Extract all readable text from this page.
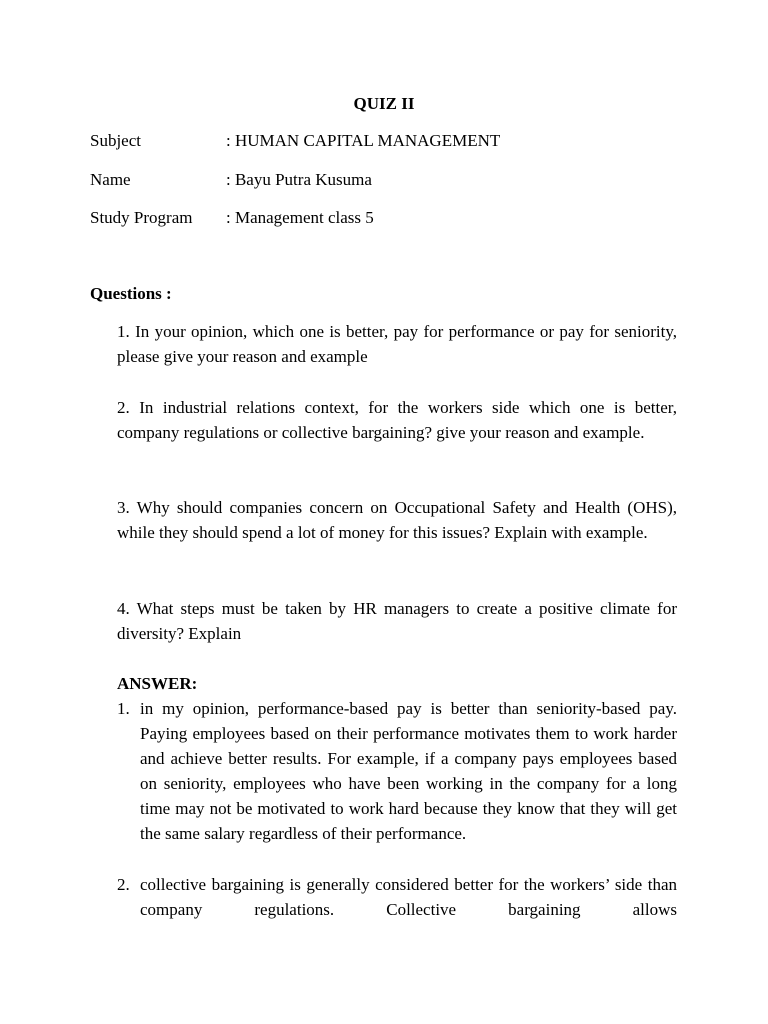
QUIZ II
Subject	: HUMAN CAPITAL MANAGEMENT
Name	: Bayu Putra Kusuma
Study Program : Management class 5
Questions :
1. In your opinion, which one is better, pay for performance or pay for seniority, please give your reason and example
2. In industrial relations context, for the workers side which one is better, company regulations or collective bargaining? give your reason and example.
3. Why should companies concern on Occupational Safety and Health (OHS), while they should spend a lot of money for this issues? Explain with example.
4. What steps must be taken by HR managers to create a positive climate for diversity? Explain
ANSWER:
1. in my opinion, performance-based pay is better than seniority-based pay. Paying employees based on their performance motivates them to work harder and achieve better results. For example, if a company pays employees based on seniority, employees who have been working in the company for a long time may not be motivated to work hard because they know that they will get the same salary regardless of their performance.
2. collective bargaining is generally considered better for the workers’ side than company regulations. Collective bargaining allows
